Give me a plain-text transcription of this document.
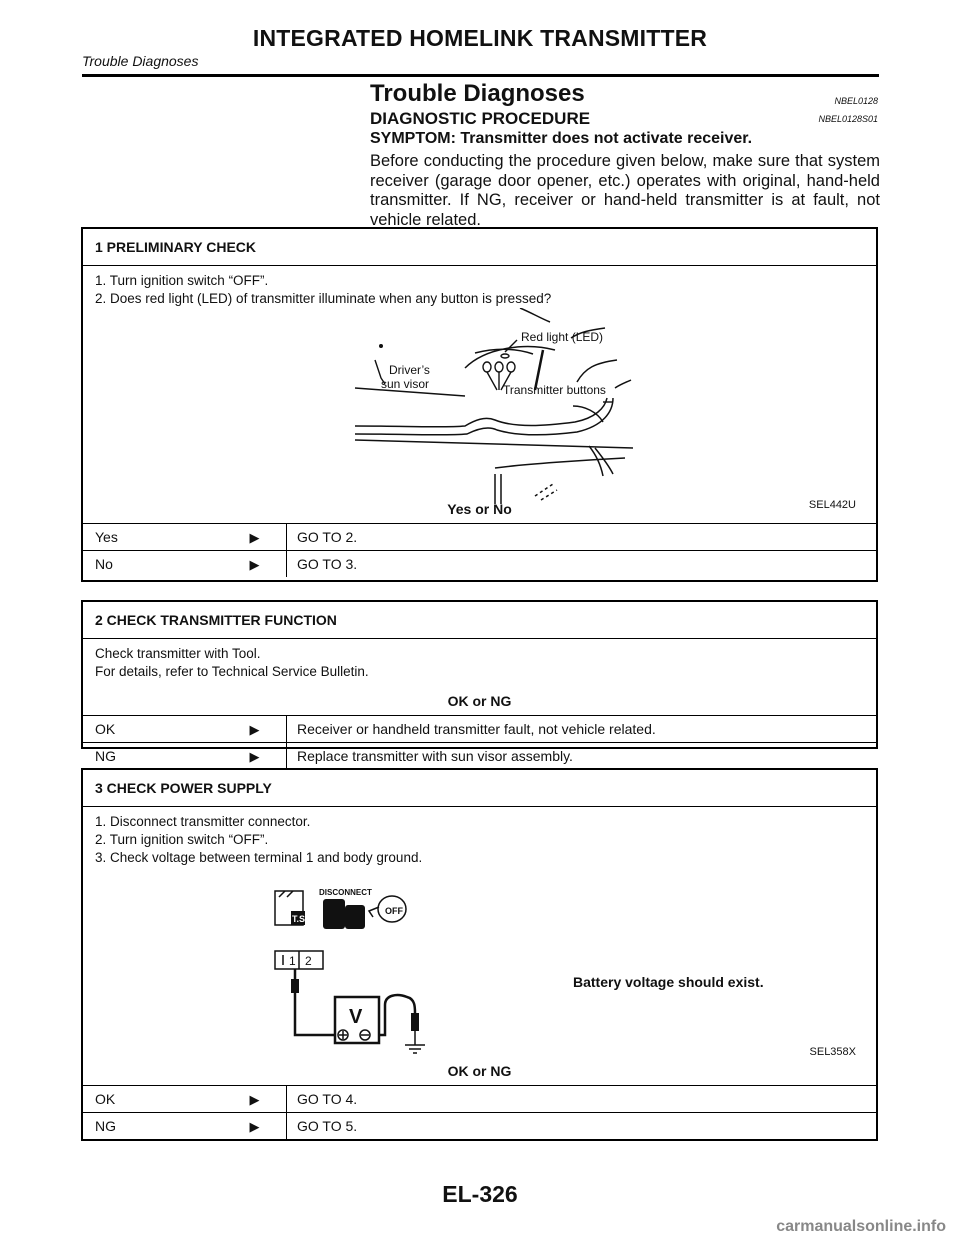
INTEGRATED HOMELINK TRANSMITTER
Trouble Diagnoses
Trouble Diagnoses	NBEL0128
DIAGNOSTIC PROCEDURE	NBEL0128S01
SYMPTOM: Transmitter does not activate receiver.
Before conducting the procedure given below, make sure that system receiver (garage door opener, etc.) operates with original, hand-held transmitter. If NG, receiver or hand-held transmitter is at fault, not vehicle related.
1 PRELIMINARY CHECK
1. Turn ignition switch “OFF”.
2. Does red light (LED) of transmitter illuminate when any button is pressed?
Red light (LED)
Driver’s
sun visor	Transmitter buttons
SEL442U
Yes or No
Yes	▶	GO TO 2.
No	▶	GO TO 3.
2 CHECK TRANSMITTER FUNCTION
Check transmitter with Tool.
For details, refer to Technical Service Bulletin.
OK or NG
OK	▶	Receiver or handheld transmitter fault, not vehicle related.
NG	▶	Replace transmitter with sun visor assembly.
3 CHECK POWER SUPPLY
1. Disconnect transmitter connector.
2. Turn ignition switch “OFF”.
3. Check voltage between terminal 1 and body ground.
T.S.
DISCONNECT
OFF
1 2
V
Battery voltage should exist.
SEL358X
OK or NG
OK	▶	GO TO 4.
NG	▶	GO TO 5.
EL-326
carmanualsonline.info
